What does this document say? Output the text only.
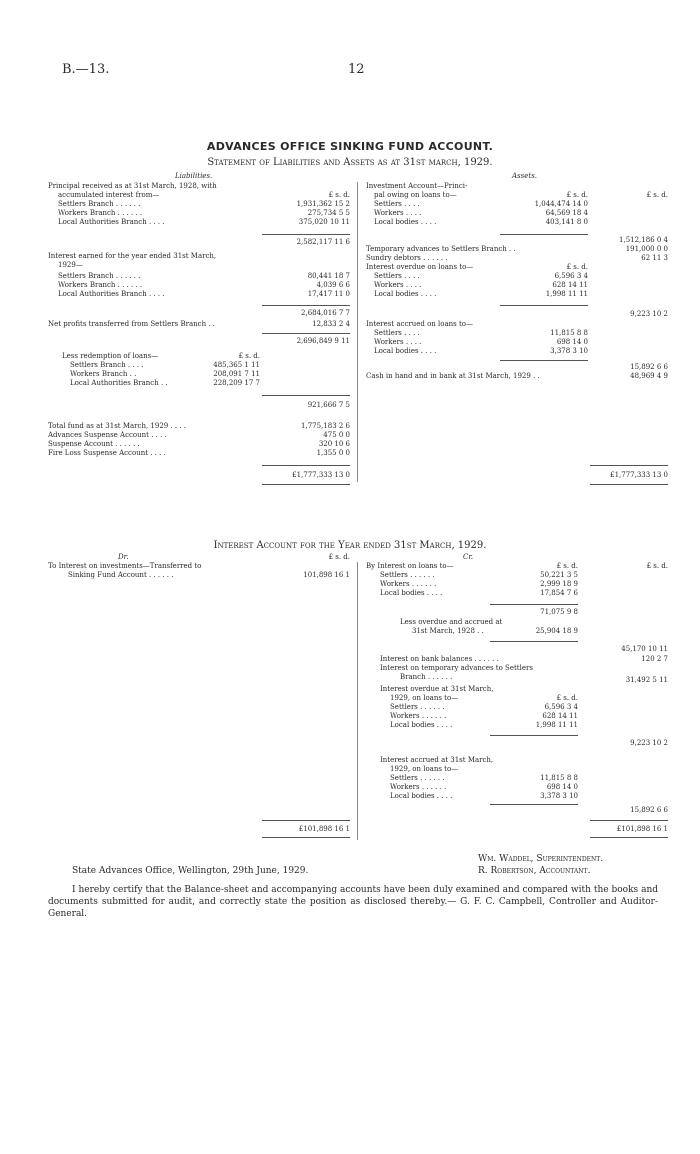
B.—13.	12
ADVANCES OFFICE SINKING FUND ACCOUNT.
Statement of Liabilities and Assets as at 31st march, 1929.
Liabilities.	Assets.
Principal received as at 31st March, 1928, with
accumulated interest from—	£ s. d.
Settlers Branch . . . . . .	1,931,362 15 2
Workers Branch . . . . . .	275,734 5 5
Local Authorities Branch . . . .	375,020 10 11
2,582,117 11 6
Interest earned for the year ended 31st March,
1929—
Settlers Branch . . . . . .	80,441 18 7
Workers Branch . . . . . .	4,039 6 6
Local Authorities Branch . . . .	17,417 11 0
2,684,016 7 7
Net profits transferred from Settlers Branch . .	12,833 2 4
2,696,849 9 11
Less redemption of loans—	£ s. d.
Settlers Branch . . . .	485,365 1 11
Workers Branch . .	208,091 7 11
Local Authorities Branch . .	228,209 17 7
921,666 7 5
Total fund as at 31st March, 1929 . . . .	1,775,183 2 6
Advances Suspense Account . . . .	475 0 0
Suspense Account . . . . . .	320 10 6
Fire Loss Suspense Account . . . .	1,355 0 0
£1,777,333 13 0
Investment Account—Princi-
pal owing on loans to—	£ s. d.	£ s. d.
Settlers . . . .	1,044,474 14 0
Workers . . . .	64,569 18 4
Local bodies . . . .	403,141 8 0
1,512,186 0 4
Temporary advances to Settlers Branch . .	191,000 0 0
Sundry debtors . . . . . .	62 11 3
Interest overdue on loans to—	£ s. d.
Settlers . . . .	6,596 3 4
Workers . . . .	628 14 11
Local bodies . . . .	1,998 11 11
9,223 10 2
Interest accrued on loans to—
Settlers . . . .	11,815 8 8
Workers . . . .	698 14 0
Local bodies . . . .	3,378 3 10
15,892 6 6
Cash in hand and in bank at 31st March, 1929 . .	48,969 4 9
£1,777,333 13 0
Interest Account for the Year ended 31st March, 1929.
Dr.	Cr.
£ s. d.
£ s. d.	£ s. d.
To Interest on investments—Transferred to
Sinking Fund Account . . . . . .	101,898 16 1
£101,898 16 1
By Interest on loans to—
Settlers . . . . . .	50,221 3 5
Workers . . . . . .	2,999 18 9
Local bodies . . . .	17,854 7 6
71,075 9 8
Less overdue and accrued at
31st March, 1928 . .	25,904 18 9
45,170 10 11
Interest on bank balances . . . . . .	120 2 7
Interest on temporary advances to Settlers
Branch . . . . . .	31,492 5 11
Interest overdue at 31st March,
1929, on loans to—	£ s. d.
Settlers . . . . . .	6,596 3 4
Workers . . . . . .	628 14 11
Local bodies . . . .	1,998 11 11
9,223 10 2
Interest accrued at 31st March,
1929, on loans to—
Settlers . . . . . .	11,815 8 8
Workers . . . . . .	698 14 0
Local bodies . . . .	3,378 3 10
15,892 6 6
£101,898 16 1
State Advances Office, Wellington, 29th June, 1929.
Wm. Waddel, Superintendent.
R. Robertson, Accountant.
I hereby certify that the Balance-sheet and accompanying accounts have been duly examined and compared with the books and documents submitted for audit, and correctly state the position as disclosed thereby.— G. F. C. Campbell, Controller and Auditor-General.
